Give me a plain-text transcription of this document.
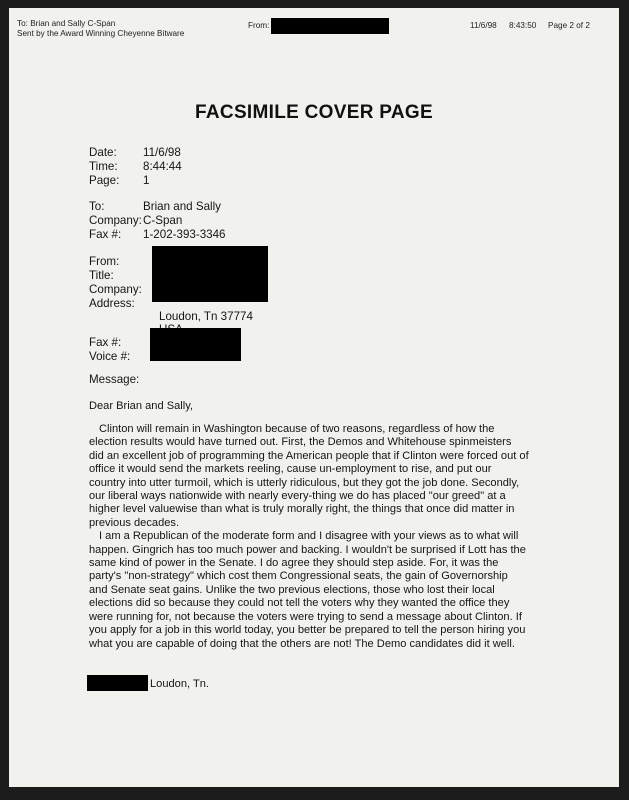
To: Brian and Sally C-Span
Sent by the Award Winning Cheyenne Bitware
From:	11/6/98 8:43:50 Page 2 of 2
FACSIMILE COVER PAGE
Date: 11/6/98
Time: 8:44:44
Page: 1
To:	Brian and Sally
Company: C-Span
Fax #: 1-202-393-3346
From:
Title:
Company:
Address:
Loudon, Tn 37774
Fax #:
Voice #:
Message:
Dear Brian and Sally,

Clinton will remain in Washington because of two reasons, regardless of how the election results would have turned out. First, the Demos and Whitehouse spinmeisters did an excellent job of programming the American people that if Clinton were forced out of office it would send the markets reeling, cause un-employment to rise, and put our country into utter turmoil, which is utterly ridiculous, but they got the job done. Secondly, our liberal ways nationwide with nearly every-thing we do has placed "our greed" at a higher level valuewise than what is truly morally right, the things that once did matter in previous decades.

I am a Republican of the moderate form and I disagree with your views as to what will happen. Gingrich has too much power and backing. I wouldn't be surprised if Lott has the same kind of power in the Senate. I do agree they should step aside. For, it was the party's "non-strategy" which cost them Congressional seats, the gain of Governorship and Senate seat gains. Unlike the two previous elections, those who lost their local elections did so because they could not tell the voters why they wanted the office they were running for, not because the voters were trying to send a message about Clinton. If you apply for a job in this world today, you better be prepared to tell the person hiring you what you are capable of doing that the others are not! The Demo candidates did it well.

Loudon, Tn.
